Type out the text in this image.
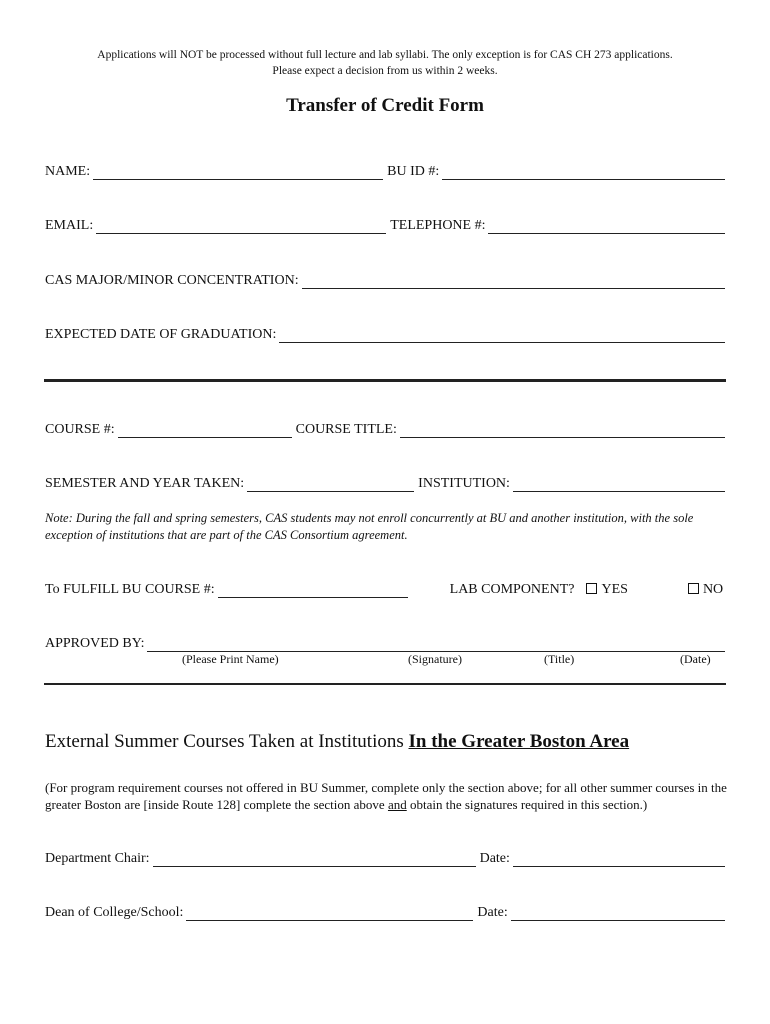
Applications will NOT be processed without full lecture and lab syllabi. The only exception is for CAS CH 273 applications.
Please expect a decision from us within 2 weeks.
Transfer of Credit Form
NAME:	BU ID #:
EMAIL:	TELEPHONE #:
CAS MAJOR/MINOR CONCENTRATION:
EXPECTED DATE OF GRADUATION:
COURSE #:	COURSE TITLE:
SEMESTER AND YEAR TAKEN:	INSTITUTION:
Note: During the fall and spring semesters, CAS students may not enroll concurrently at BU and another institution, with the sole exception of institutions that are part of the CAS Consortium agreement.
To FULFILL BU COURSE #:	LAB COMPONENT?	YES	NO
APPROVED BY:
(Please Print Name)	(Signature)	(Title)	(Date)
External Summer Courses Taken at Institutions In the Greater Boston Area
(For program requirement courses not offered in BU Summer, complete only the section above; for all other summer courses in the greater Boston are [inside Route 128] complete the section above and obtain the signatures required in this section.)
Department Chair:	Date:
Dean of College/School:	Date:
